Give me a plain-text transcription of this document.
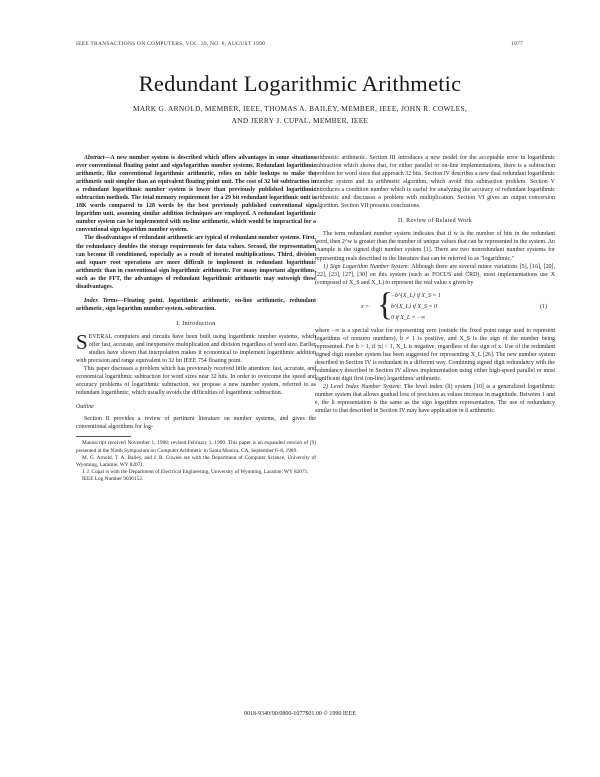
IEEE TRANSACTIONS ON COMPUTERS, VOL. 39, NO. 8, AUGUST 1990	1077
Redundant Logarithmic Arithmetic
MARK G. ARNOLD, MEMBER, IEEE, THOMAS A. BAILEY, MEMBER, IEEE, JOHN R. COWLES,
AND JERRY J. CUPAL, MEMBER, IEEE

Abstract—A new number system is described which offers advantages in some situations over conventional floating point and sign/logarithm number systems. Redundant logarithmic arithmetic, like conventional logarithmic arithmetic, relies on table lookups to make the arithmetic unit simpler than an equivalent floating point unit. The cost of 32 bit subtraction in a redundant logarithmic number system is lower than previously published logarithmic subtraction methods. The total memory requirement for a 29 bit redundant logarithmic unit is 18K words compared to 128 words by the best previously published conventional sign logarithm unit, assuming similar addition techniques are employed. A redundant logarithmic number system can be implemented with on-line arithmetic, which would be impractical for a conventional sign logarithm number system.

The disadvantages of redundant arithmetic are typical of redundant number systems. First, the redundancy doubles the storage requirements for data values. Second, the representation can become ill conditioned, especially as a result of iterated multiplications. Third, division and square root operations are more difficult to implement in redundant logarithmic arithmetic than in conventional sign logarithmic arithmetic. For many important algorithms, such as the FFT, the advantages of redundant logarithmic arithmetic may outweigh these disadvantages.

Index Terms—Floating point, logarithmic arithmetic, on-line arithmetic, redundant arithmetic, sign logarithm number system, subtraction.

I. Introduction

SEVERAL computers and circuits have been built using logarithmic number systems, which offer fast, accurate, and inexpensive multiplication and division regardless of word size. Earlier studies have shown that interpolation makes it economical to implement logarithmic addition with precision and range equivalent to 32 bit IEEE 754 floating point.

This paper discusses a problem which has previously received little attention: fast, accurate, and economical logarithmic subtraction for word sizes near 32 bits. In order to overcome the speed and accuracy problems of logarithmic subtraction, we propose a new number system, referred to as redundant logarithmic, which usually avoids the difficulties of logarithmic subtraction.

Outline

Section II provides a review of pertinent literature on number systems, and gives the conventional algorithms for log-

Manuscript received November 1, 1988; revised February 1, 1990. This paper is an expanded version of [9] presented at the Ninth Symposium on Computer Arithmetic in Santa Monica, CA, September 6–8, 1989.

M. G. Arnold, T. A. Bailey, and J. R. Cowles are with the Department of Computer Science, University of Wyoming, Laramie, WY 82071.

J. J. Cupal is with the Department of Electrical Engineering, University of Wyoming, Laramie, WY 82071.

IEEE Log Number 9036152.

arithmetic arithmetic. Section III introduces a new model for the acceptable error in logarithmic subtraction which shows that, for either parallel or on-line implementations, there is a subtraction problem for word sizes that approach 32 bits. Section IV describes a new dual redundant logarithmic number system and its arithmetic algorithm, which avoid this subtraction problem. Section V introduces a condition number which is useful for analyzing the accuracy of redundant logarithmic arithmetic and discusses a problem with multiplication. Section VI gives an output conversion algorithm. Section VII presents conclusions.

II. Review of Related Work

The term redundant number system indicates that if w is the number of bits in the redundant word, then 2^w is greater than the number of unique values that can be represented in the system. An example is the signed digit number system [1]. There are two nonredundant number systems for representing reals described in the literature that can be referred to as "logarithmic."

1) Sign Logarithm Number System: Although there are several minor variations [5], [16], [20], [22], [23], [27], [30] on this system (such as FOCUS and CRD), most implementations use X (composed of X_S and X_L) to represent the real value x given by

x = {
−b^{X_L} if X_S = 1
b^{X_L} if X_S = 0
0 if X_L = −∞
(1)

where −∞ is a special value for representing zero (outside the fixed point range used to represent logarithms of nonzero numbers), b ≠ 1 is positive, and X_S is the sign of the number being represented. For b > 1, if |x| < 1, X_L is negative, regardless of the sign of x. Use of the redundant signed digit number system has been suggested for representing X_L [26]. The new number system described in Section IV is redundant in a different way. Combining signed digit redundancy with the redundancy described in Section IV allows implementation using either high-speed parallel or most significant digit first (on-line) logarithmic arithmetic.

2) Level Index Number System: The level index (li) system [10] is a generalized logarithmic number system that allows gradual loss of precision as values increase in magnitude. Between 1 and e, the li representation is the same as the sign logarithm representation. The use of redundancy similar to that described in Section IV may have application in li arithmetic.

0018-9340/90/0800-1077$01.00 © 1990 IEEE
